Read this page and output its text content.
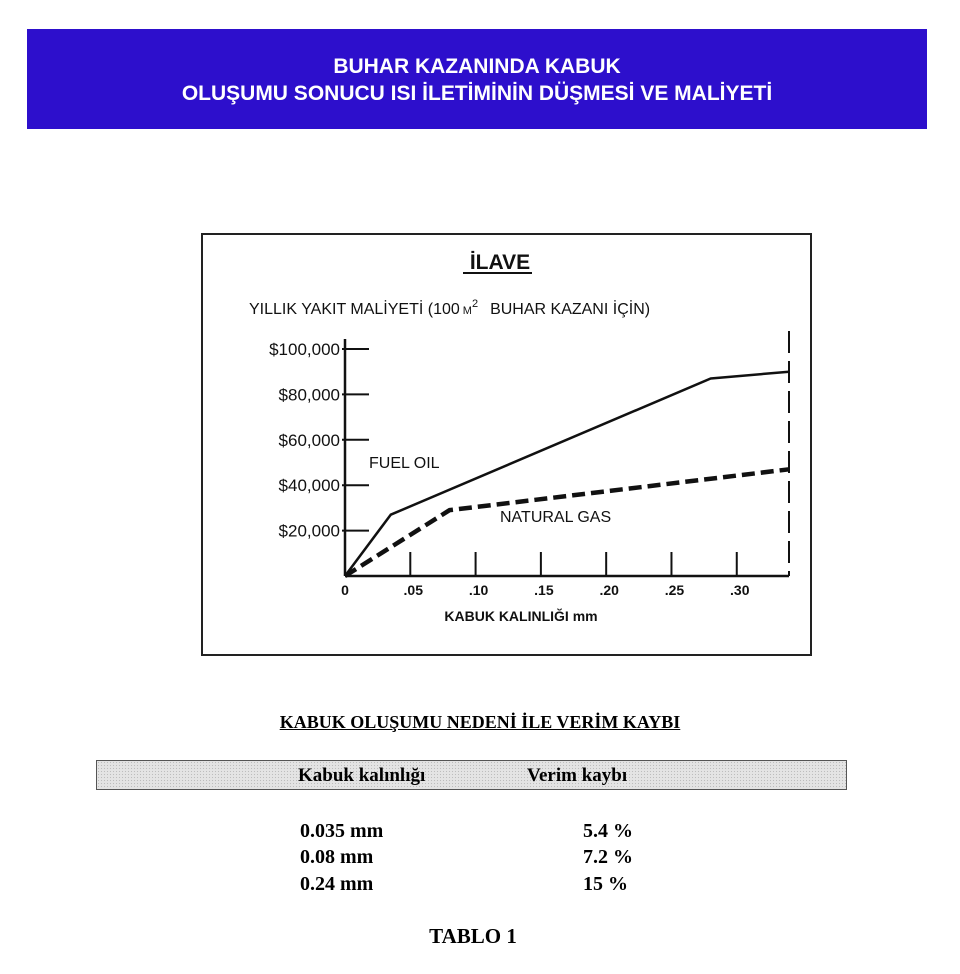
BUHAR KAZANINDA KABUK
OLUŞUMU SONUCU ISI İLETİMİNİN DÜŞMESİ VE MALİYETİ
İLAVE
YILLIK YAKIT MALİYETİ (100 $M^2$ BUHAR KAZANI İÇİN)
$20,000
$40,000
$60,000
$80,000
$100,000
0	.05	.10	.15	.20	.25	.30
KABUK KALINLIĞI mm
FUEL OIL
NATURAL GAS
KABUK OLUŞUMU NEDENİ İLE VERİM KAYBI
Kabuk kalınlığı	Verim kaybı
0.035 mm	5.4 %
0.08 mm	7.2 %
0.24 mm	15 %
TABLO 1
